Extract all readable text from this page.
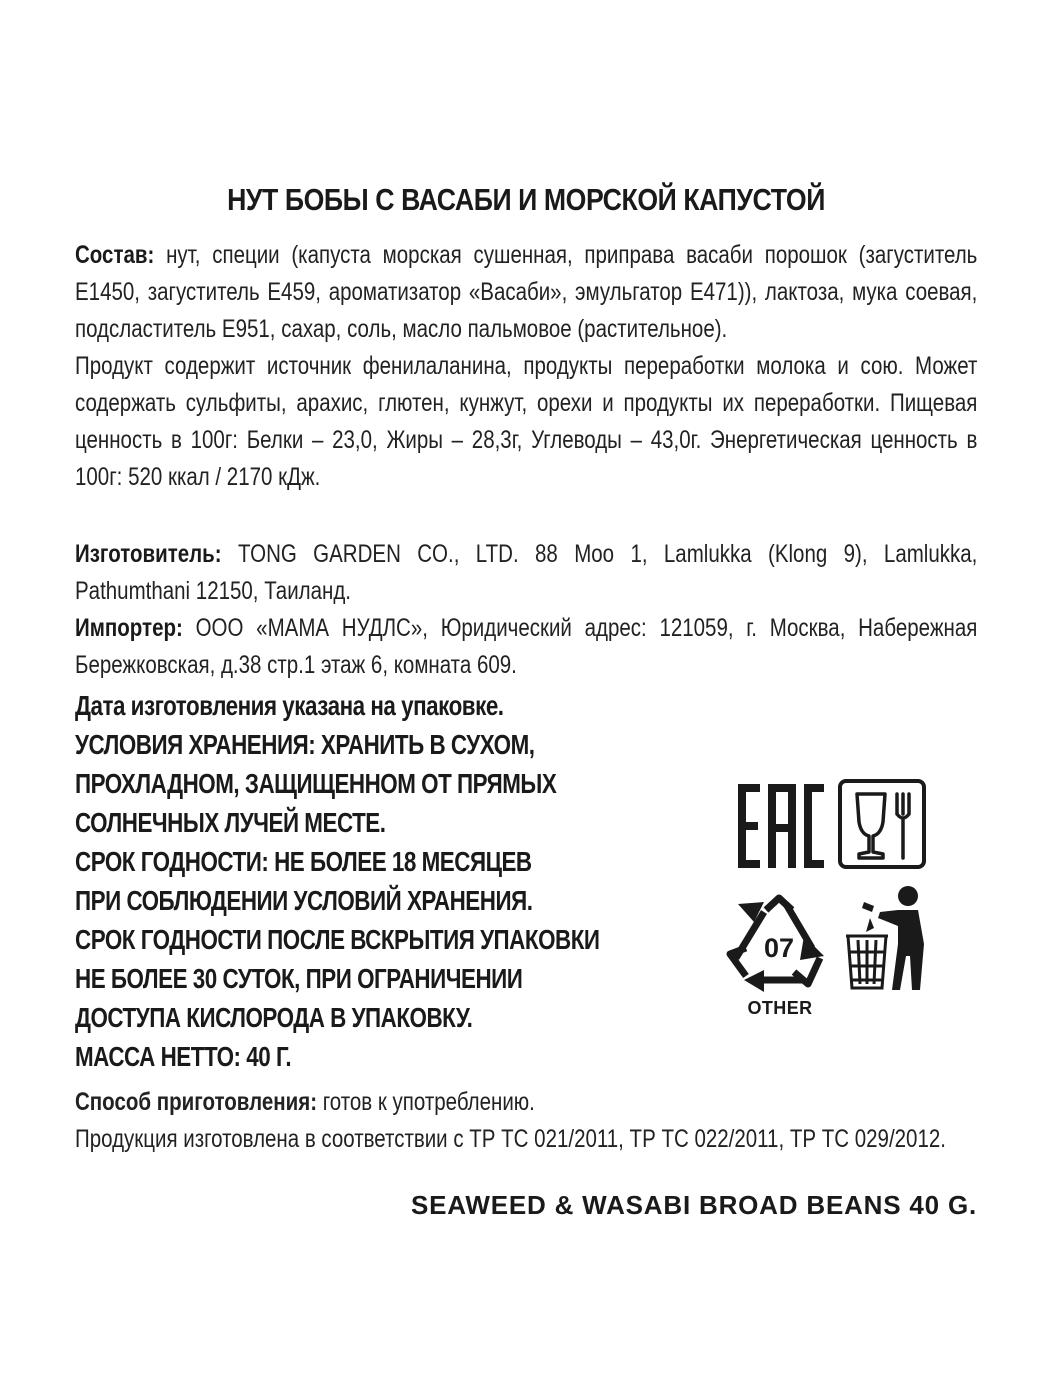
НУТ БОБЫ С ВАСАБИ И МОРСКОЙ КАПУСТОЙ
Состав: нут, специи (капуста морская сушенная, приправа васаби порошок (загуститель Е1450, загуститель Е459, ароматизатор «Васаби», эмульгатор Е471)), лактоза, мука соевая, подсластитель Е951, сахар, соль, масло пальмовое (растительное).
Продукт содержит источник фенилаланина, продукты переработки молока и сою. Может содержать сульфиты, арахис, глютен, кунжут, орехи и продукты их переработки. Пищевая ценность в 100г: Белки – 23,0, Жиры – 28,3г, Углеводы – 43,0г. Энергетическая ценность в 100г: 520 ккал / 2170 кДж.
Изготовитель: TONG GARDEN CO., LTD. 88 Moo 1, Lamlukka (Klong 9), Lamlukka, Pathumthani 12150, Таиланд.
Импортер: ООО «МАМА НУДЛС», Юридический адрес: 121059, г. Москва, Набережная Бережковская, д.38 стр.1 этаж 6, комната 609.
Дата изготовления указана на упаковке.
УСЛОВИЯ ХРАНЕНИЯ: ХРАНИТЬ В СУХОМ,
ПРОХЛАДНОМ, ЗАЩИЩЕННОМ ОТ ПРЯМЫХ
СОЛНЕЧНЫХ ЛУЧЕЙ МЕСТЕ.
СРОК ГОДНОСТИ: НЕ БОЛЕЕ 18 МЕСЯЦЕВ
ПРИ СОБЛЮДЕНИИ УСЛОВИЙ ХРАНЕНИЯ.
СРОК ГОДНОСТИ ПОСЛЕ ВСКРЫТИЯ УПАКОВКИ
НЕ БОЛЕЕ 30 СУТОК, ПРИ ОГРАНИЧЕНИИ
ДОСТУПА КИСЛОРОДА В УПАКОВКУ.
МАССА НЕТТО: 40 Г.
Способ приготовления: готов к употреблению.
Продукция изготовлена в соответствии с ТР ТС 021/2011, ТР ТС 022/2011, ТР ТС 029/2012.
SEAWEED & WASABI BROAD BEANS 40 G.
07
OTHER
